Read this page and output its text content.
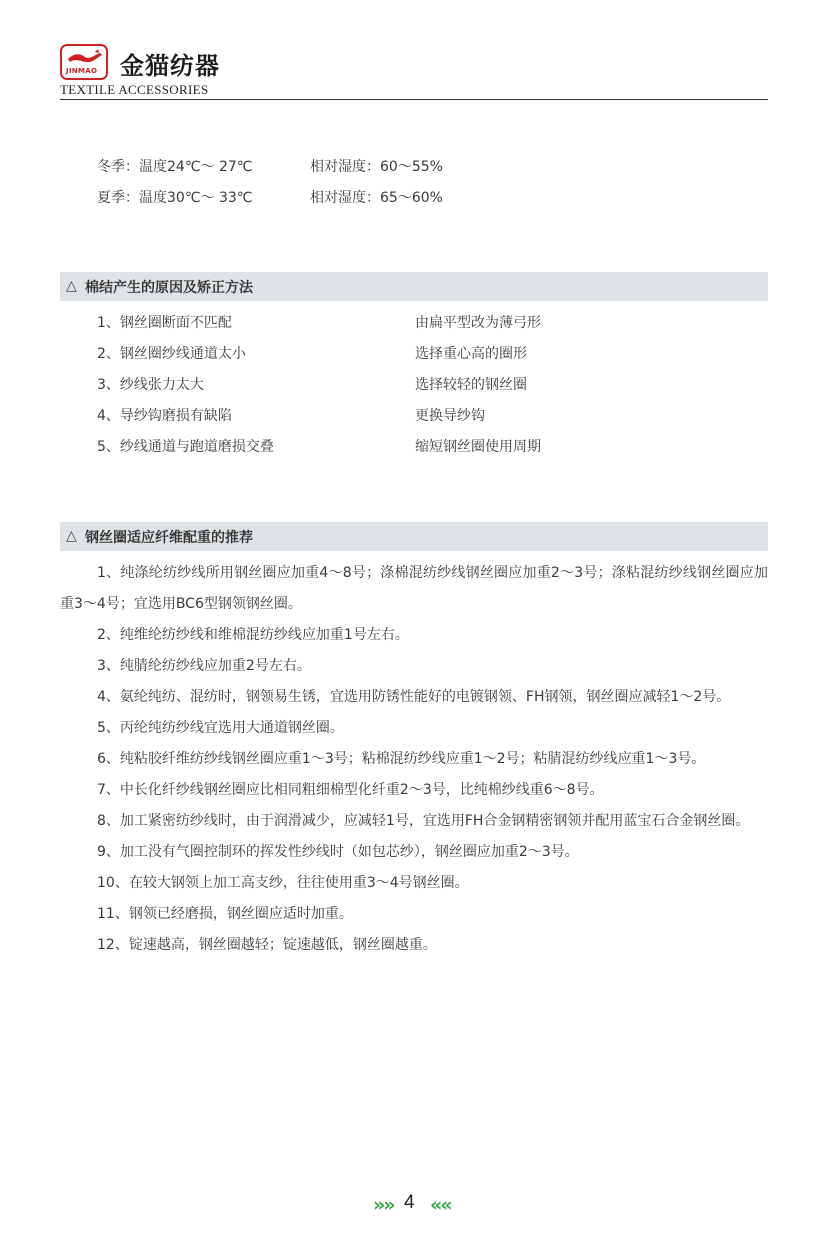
JINMAO 金猫纺器
TEXTILE ACCESSORIES
冬季：温度24℃～ 27℃	相对湿度：60～55%
夏季：温度30℃～ 33℃	相对湿度：65～60%
△ 棉结产生的原因及矫正方法
1、钢丝圈断面不匹配	由扁平型改为薄弓形
2、钢丝圈纱线通道太小	选择重心高的圈形
3、纱线张力太大	选择较轻的钢丝圈
4、导纱钩磨损有缺陷	更换导纱钩
5、纱线通道与跑道磨损交叠	缩短钢丝圈使用周期
△ 钢丝圈适应纤维配重的推荐

1、纯涤纶纺纱线所用钢丝圈应加重4～8号；涤棉混纺纱线钢丝圈应加重2～3号；涤粘混纺纱线钢丝圈应加重3～4号；宜选用BC6型钢领钢丝圈。

2、纯维纶纺纱线和维棉混纺纱线应加重1号左右。

3、纯腈纶纺纱线应加重2号左右。

4、氨纶纯纺、混纺时，钢领易生锈，宜选用防锈性能好的电镀钢领、FH钢领，钢丝圈应减轻1～2号。

5、丙纶纯纺纱线宜选用大通道钢丝圈。

6、纯粘胶纤维纺纱线钢丝圈应重1～3号；粘棉混纺纱线应重1～2号；粘腈混纺纱线应重1～3号。

7、中长化纤纱线钢丝圈应比相同粗细棉型化纤重2～3号，比纯棉纱线重6～8号。

8、加工紧密纺纱线时，由于润滑减少，应减轻1号，宜选用FH合金钢精密钢领并配用蓝宝石合金钢丝圈。

9、加工没有气圈控制环的挥发性纱线时（如包芯纱），钢丝圈应加重2～3号。

10、在较大钢领上加工高支纱，往往使用重3～4号钢丝圈。

11、钢领已经磨损，钢丝圈应适时加重。

12、锭速越高，钢丝圈越轻；锭速越低，钢丝圈越重。

»» 4 ««
